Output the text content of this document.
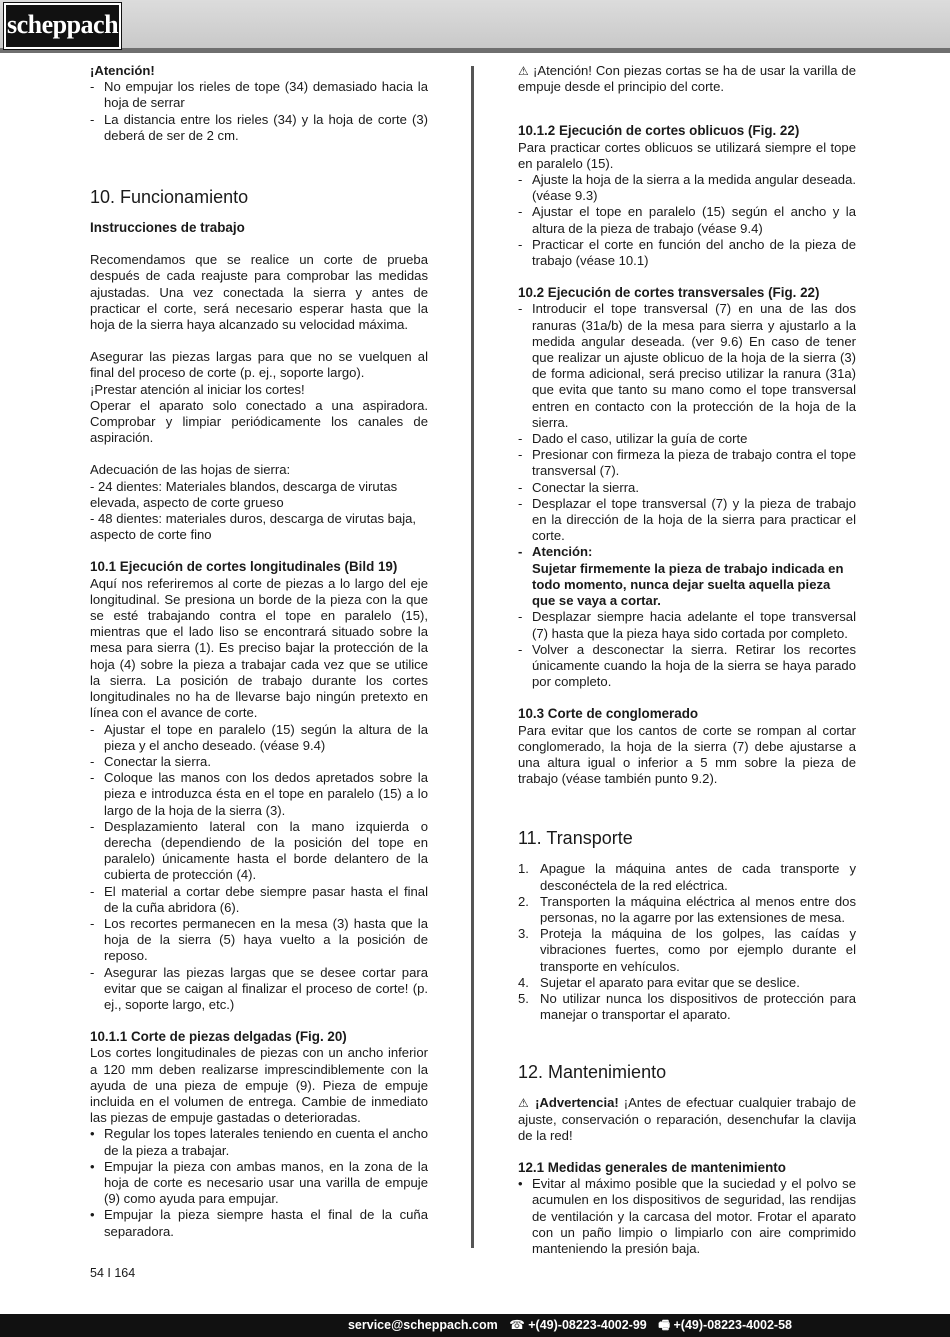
scheppach

¡Atención!

- No empujar los rieles de tope (34) demasiado hacia la hoja de serrar
- La distancia entre los rieles (34) y la hoja de corte (3) deberá de ser de 2 cm.
10. Funcionamiento
Instrucciones de trabajo

Recomendamos que se realice un corte de prueba después de cada reajuste para comprobar las medidas ajustadas. Una vez conectada la sierra y antes de practicar el corte, será necesario esperar hasta que la hoja de la sierra haya alcanzado su velocidad máxima.

Asegurar las piezas largas para que no se vuelquen al final del proceso de corte (p. ej., soporte largo).

¡Prestar atención al iniciar los cortes!

Operar el aparato solo conectado a una aspiradora. Comprobar y limpiar periódicamente los canales de aspiración.

Adecuación de las hojas de sierra:

- 24 dientes: Materiales blandos, descarga de virutas elevada, aspecto de corte grueso

- 48 dientes: materiales duros, descarga de virutas baja, aspecto de corte fino

10.1 Ejecución de cortes longitudinales (Bild 19)

Aquí nos referiremos al corte de piezas a lo largo del eje longitudinal. Se presiona un borde de la pieza con la que se esté trabajando contra el tope en paralelo (15), mientras que el lado liso se encontrará situado sobre la mesa para sierra (1). Es preciso bajar la protección de la hoja (4) sobre la pieza a trabajar cada vez que se utilice la sierra. La posición de trabajo durante los cortes longitudinales no ha de llevarse bajo ningún pretexto en línea con el avance de corte.

- Ajustar el tope en paralelo (15) según la altura de la pieza y el ancho deseado. (véase 9.4)
- Conectar la sierra.
- Coloque las manos con los dedos apretados sobre la pieza e introduzca ésta en el tope en paralelo (15) a lo largo de la hoja de la sierra (3).
- Desplazamiento lateral con la mano izquierda o derecha (dependiendo de la posición del tope en paralelo) únicamente hasta el borde delantero de la cubierta de protección (4).
- El material a cortar debe siempre pasar hasta el final de la cuña abridora (6).
- Los recortes permanecen en la mesa (3) hasta que la hoja de la sierra (5) haya vuelto a la posición de reposo.
- Asegurar las piezas largas que se desee cortar para evitar que se caigan al finalizar el proceso de corte! (p. ej., soporte largo, etc.)
10.1.1 Corte de piezas delgadas (Fig. 20)

Los cortes longitudinales de piezas con un ancho inferior a 120 mm deben realizarse imprescindiblemente con la ayuda de una pieza de empuje (9). Pieza de empuje incluida en el volumen de entrega. Cambie de inmediato las piezas de empuje gastadas o deterioradas.

• Regular los topes laterales teniendo en cuenta el ancho de la pieza a trabajar.
• Empujar la pieza con ambas manos, en la zona de la hoja de corte es necesario usar una varilla de empuje (9) como ayuda para empujar.
• Empujar la pieza siempre hasta el final de la cuña separadora.

⚠ ¡Atención! Con piezas cortas se ha de usar la varilla de empuje desde el principio del corte.

10.1.2 Ejecución de cortes oblicuos (Fig. 22)

Para practicar cortes oblicuos se utilizará siempre el tope en paralelo (15).

- Ajuste la hoja de la sierra a la medida angular deseada. (véase 9.3)
- Ajustar el tope en paralelo (15) según el ancho y la altura de la pieza de trabajo (véase 9.4)
- Practicar el corte en función del ancho de la pieza de trabajo (véase 10.1)
10.2 Ejecución de cortes transversales (Fig. 22)
- Introducir el tope transversal (7) en una de las dos ranuras (31a/b) de la mesa para sierra y ajustarlo a la medida angular deseada. (ver 9.6) En caso de tener que realizar un ajuste oblicuo de la hoja de la sierra (3) de forma adicional, será preciso utilizar la ranura (31a) que evita que tanto su mano como el tope transversal entren en contacto con la protección de la hoja de la sierra.
- Dado el caso, utilizar la guía de corte
- Presionar con firmeza la pieza de trabajo contra el tope transversal (7).
- Conectar la sierra.
- Desplazar el tope transversal (7) y la pieza de trabajo en la dirección de la hoja de la sierra para practicar el corte.
- Atención:
Sujetar firmemente la pieza de trabajo indicada en todo momento, nunca dejar suelta aquella pieza que se vaya a cortar.
- Desplazar siempre hacia adelante el tope transversal (7) hasta que la pieza haya sido cortada por completo.
- Volver a desconectar la sierra. Retirar los recortes únicamente cuando la hoja de la sierra se haya parado por completo.
10.3 Corte de conglomerado

Para evitar que los cantos de corte se rompan al cortar conglomerado, la hoja de la sierra (7) debe ajustarse a una altura igual o inferior a 5 mm sobre la pieza de trabajo (véase también punto 9.2).

11. Transporte
1. Apague la máquina antes de cada transporte y desconéctela de la red eléctrica.
2. Transporten la máquina eléctrica al menos entre dos personas, no la agarre por las extensiones de mesa.
3. Proteja la máquina de los golpes, las caídas y vibraciones fuertes, como por ejemplo durante el transporte en vehículos.
4. Sujetar el aparato para evitar que se deslice.
5. No utilizar nunca los dispositivos de protección para manejar o transportar el aparato.
12. Mantenimiento

⚠ ¡Advertencia! ¡Antes de efectuar cualquier trabajo de ajuste, conservación o reparación, desenchufar la clavija de la red!

12.1 Medidas generales de mantenimiento
• Evitar al máximo posible que la suciedad y el polvo se acumulen en los dispositivos de seguridad, las rendijas de ventilación y la carcasa del motor. Frotar el aparato con un paño limpio o limpiarlo con aire comprimido manteniendo la presión baja.
54 I 164
service@scheppach.com ☎ +(49)-08223-4002-99 🖷 +(49)-08223-4002-58
